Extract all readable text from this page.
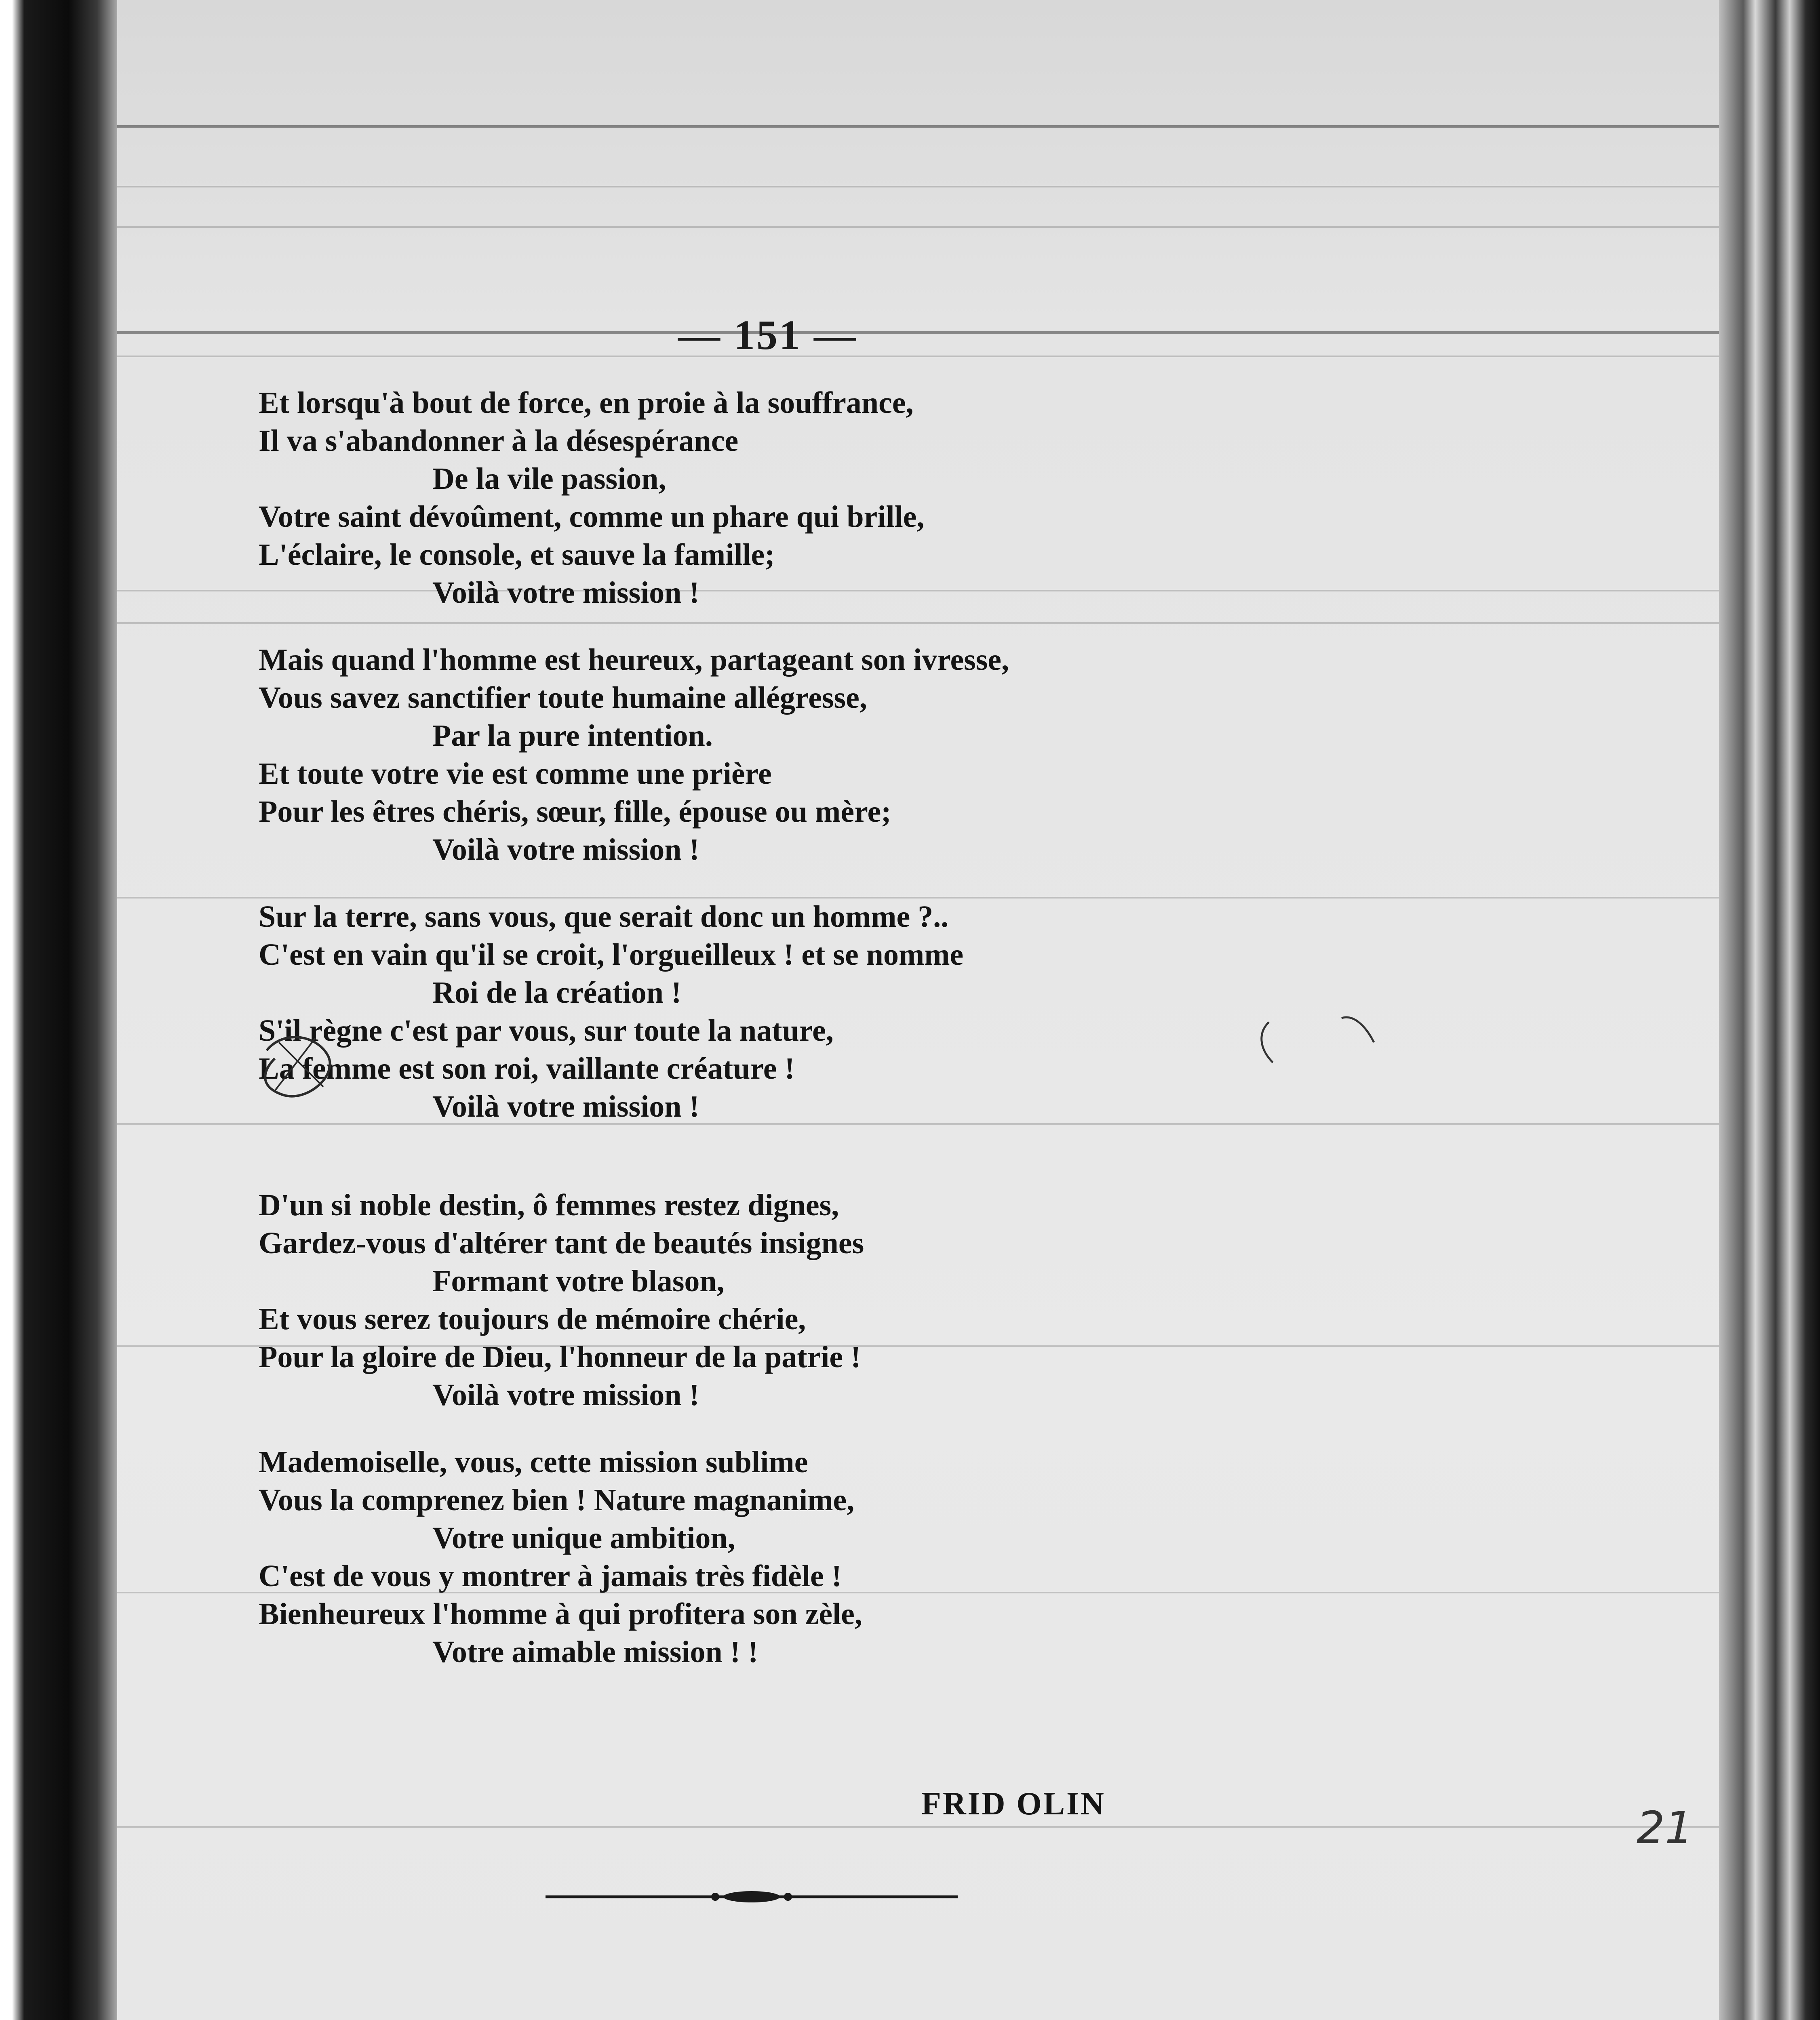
— 151 —
Et lorsqu'à bout de force, en proie à la souffrance,
Il va s'abandonner à la désespérance
De la vile passion,
Votre saint dévoûment, comme un phare qui brille,
L'éclaire, le console, et sauve la famille;
Voilà votre mission !
Mais quand l'homme est heureux, partageant son ivresse,
Vous savez sanctifier toute humaine allégresse,
Par la pure intention.
Et toute votre vie est comme une prière
Pour les êtres chéris, sœur, fille, épouse ou mère;
Voilà votre mission !
Sur la terre, sans vous, que serait donc un homme ?..
C'est en vain qu'il se croit, l'orgueilleux ! et se nomme
Roi de la création !
S'il règne c'est par vous, sur toute la nature,
La femme est son roi, vaillante créature !
Voilà votre mission !
D'un si noble destin, ô femmes restez dignes,
Gardez-vous d'altérer tant de beautés insignes
Formant votre blason,
Et vous serez toujours de mémoire chérie,
Pour la gloire de Dieu, l'honneur de la patrie !
Voilà votre mission !
Mademoiselle, vous, cette mission sublime
Vous la comprenez bien ! Nature magnanime,
Votre unique ambition,
C'est de vous y montrer à jamais très fidèle !
Bienheureux l'homme à qui profitera son zèle,
Votre aimable mission ! !
FRID OLIN	21
